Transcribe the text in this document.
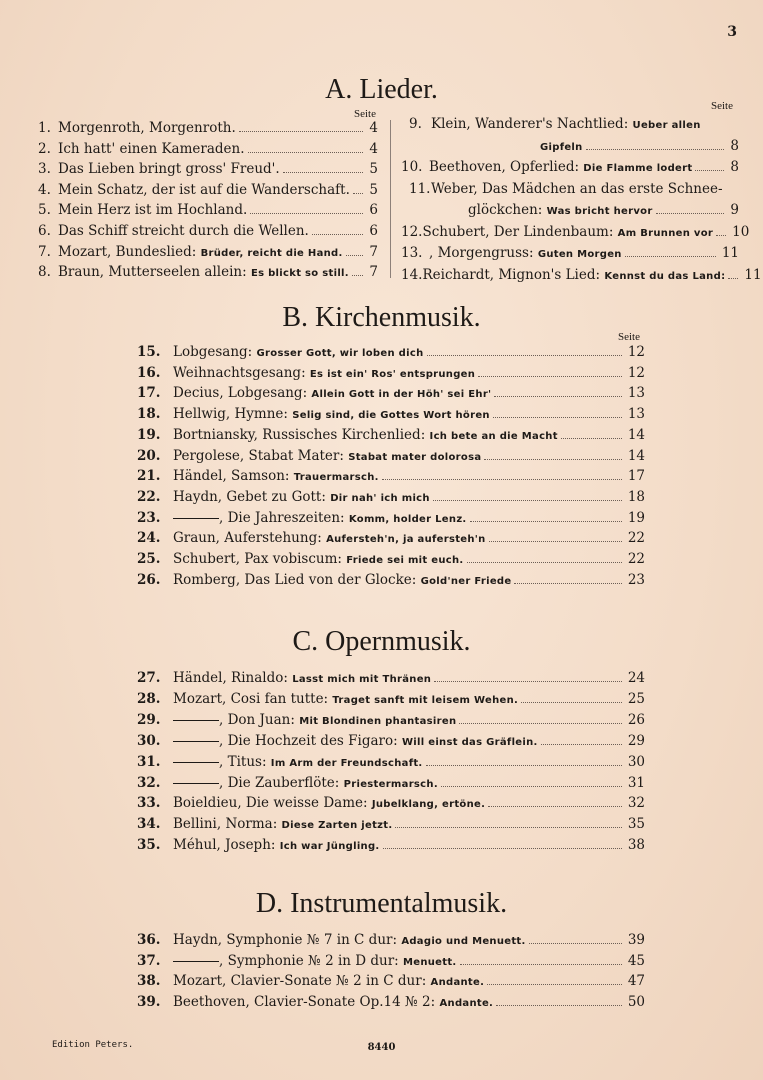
3
A. Lieder.
Seite
Seite
1. Morgenroth, Morgenroth.	4
2. Ich hatt' einen Kameraden.	4
3. Das Lieben bringt gross' Freud'.	5
4. Mein Schatz, der ist auf die Wanderschaft. 5
5. Mein Herz ist im Hochland.	6
6. Das Schiff streicht durch die Wellen.	6
7. Mozart, Bundeslied: Brüder, reicht die Hand. 7
8. Braun, Mutterseelen allein: Es blickt so still. 7
9. Klein, Wanderer's Nachtlied: Ueber allen
Gipfeln	8
10. Beethoven, Opferlied: Die Flamme lodert	8
11. Weber, Das Mädchen an das erste Schnee-
glöckchen: Was bricht hervor	9
12. Schubert, Der Lindenbaum: Am Brunnen vor 10
13. , Morgengruss: Guten Morgen	11
14. Reichardt, Mignon's Lied: Kennst du das Land: 11
B. Kirchenmusik.
Seite
15. Lobgesang: Grosser Gott, wir loben dich	12
16. Weihnachtsgesang: Es ist ein' Ros' entsprungen	12
17. Decius, Lobgesang: Allein Gott in der Höh' sei Ehr'	13
18. Hellwig, Hymne: Selig sind, die Gottes Wort hören	13
19. Bortniansky, Russisches Kirchenlied: Ich bete an die Macht	14
20. Pergolese, Stabat Mater: Stabat mater dolorosa	14
21. Händel, Samson: Trauermarsch.	17
22. Haydn, Gebet zu Gott: Dir nah' ich mich	18
23.	, Die Jahreszeiten: Komm, holder Lenz.	19
24. Graun, Auferstehung: Aufersteh'n, ja aufersteh'n	22
25. Schubert, Pax vobiscum: Friede sei mit euch.	22
26. Romberg, Das Lied von der Glocke: Gold'ner Friede	23
C. Opernmusik.
27. Händel, Rinaldo: Lasst mich mit Thränen	24
28. Mozart, Cosi fan tutte: Traget sanft mit leisem Wehen.	25
29.	, Don Juan: Mit Blondinen phantasiren	26
30.	, Die Hochzeit des Figaro: Will einst das Gräflein.	29
31.	, Titus: Im Arm der Freundschaft.	30
32.	, Die Zauberflöte: Priestermarsch.	31
33. Boieldieu, Die weisse Dame: Jubelklang, ertöne.	32
34. Bellini, Norma: Diese Zarten jetzt.	35
35. Méhul, Joseph: Ich war Jüngling.	38
D. Instrumentalmusik.
36. Haydn, Symphonie № 7 in C dur: Adagio und Menuett.	39
37.	, Symphonie № 2 in D dur: Menuett.	45
38. Mozart, Clavier-Sonate № 2 in C dur: Andante.	47
39. Beethoven, Clavier-Sonate Op.14 № 2: Andante.	50
Edition Peters.	8440
